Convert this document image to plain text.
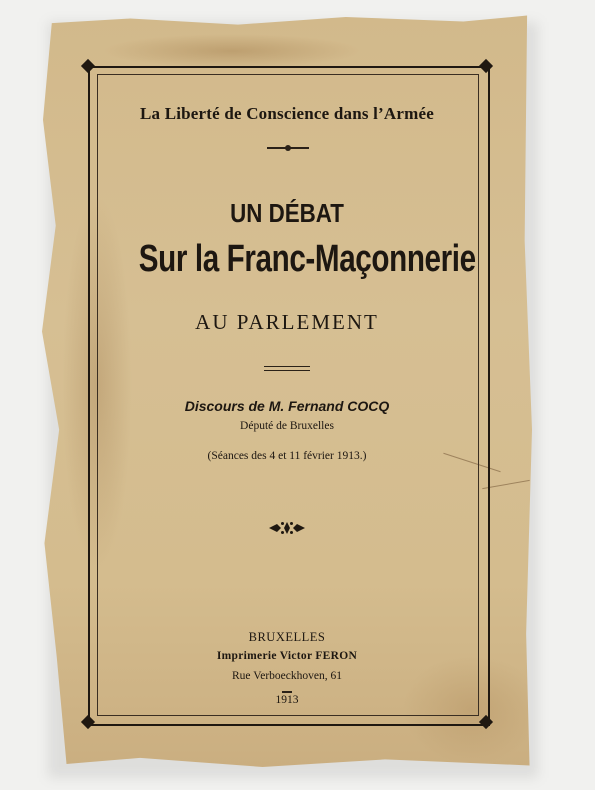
La Liberté de Conscience dans l’Armée
UN DÉBAT
Sur la Franc-Maçonnerie
AU PARLEMENT
Discours de M. Fernand COCQ
Député de Bruxelles
(Séances des 4 et 11 février 1913.)
BRUXELLES
Imprimerie Victor FERON
Rue Verboeckhoven, 61
1913
